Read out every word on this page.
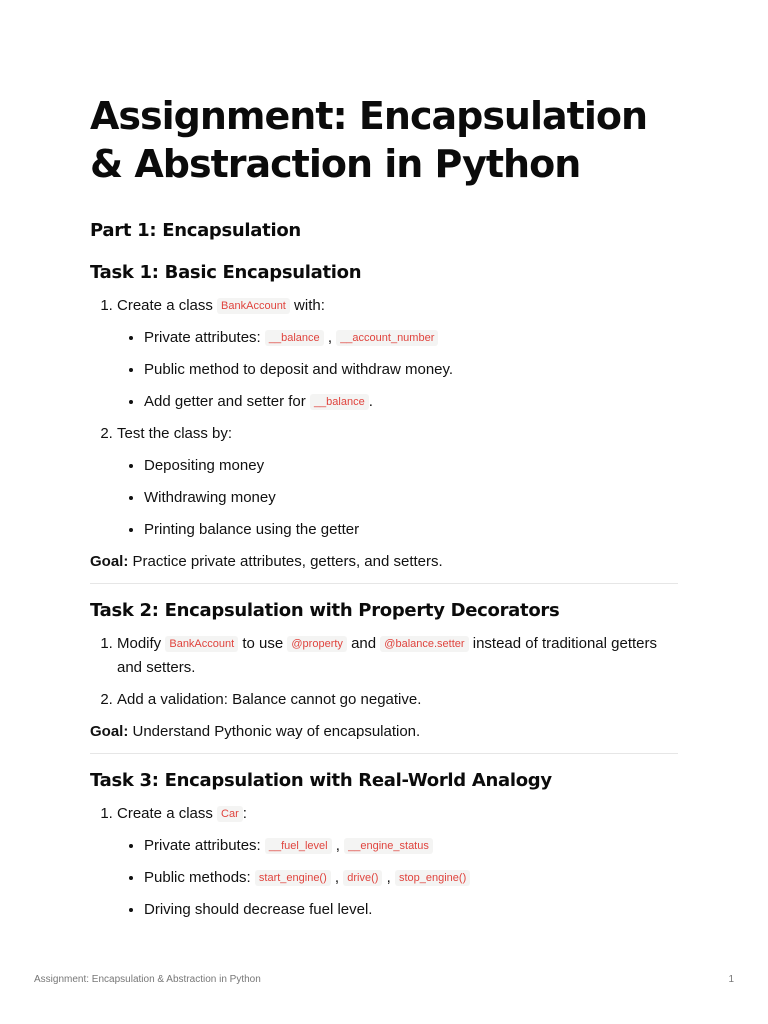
Assignment: Encapsulation & Abstraction in Python
Part 1: Encapsulation
Task 1: Basic Encapsulation
1. Create a class BankAccount with:
• Private attributes: __balance , __account_number
• Public method to deposit and withdraw money.
• Add getter and setter for __balance .
2. Test the class by:
• Depositing money
• Withdrawing money
• Printing balance using the getter

Goal: Practice private attributes, getters, and setters.

Task 2: Encapsulation with Property Decorators
1. Modify BankAccount to use @property and @balance.setter instead of traditional getters and setters.
2. Add a validation: Balance cannot go negative.

Goal: Understand Pythonic way of encapsulation.

Task 3: Encapsulation with Real-World Analogy
1. Create a class Car :
• Private attributes: __fuel_level , __engine_status
• Public methods: start_engine() , drive() , stop_engine()
• Driving should decrease fuel level.
Assignment: Encapsulation & Abstraction in Python	1
